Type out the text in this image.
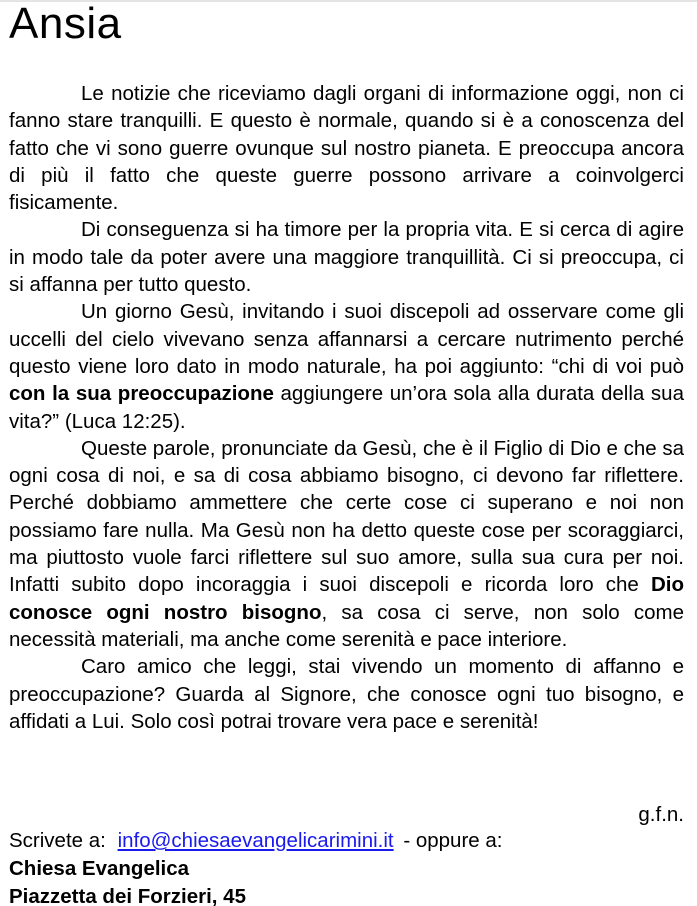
Ansia

Le notizie che riceviamo dagli organi di informazione oggi, non ci fanno stare tranquilli. E questo è normale, quando si è a conoscenza del fatto che vi sono guerre ovunque sul nostro pianeta. E preoccupa ancora di più il fatto che queste guerre possono arrivare a coinvolgerci fisicamente.

Di conseguenza si ha timore per la propria vita. E si cerca di agire in modo tale da poter avere una maggiore tranquillità. Ci si preoccupa, ci si affanna per tutto questo.

Un giorno Gesù, invitando i suoi discepoli ad osservare come gli uccelli del cielo vivevano senza affannarsi a cercare nutrimento perché questo viene loro dato in modo naturale, ha poi aggiunto: “chi di voi può con la sua preoccupazione aggiungere un’ora sola alla durata della sua vita?” (Luca 12:25).

Queste parole, pronunciate da Gesù, che è il Figlio di Dio e che sa ogni cosa di noi, e sa di cosa abbiamo bisogno, ci devono far riflettere. Perché dobbiamo ammettere che certe cose ci superano e noi non possiamo fare nulla. Ma Gesù non ha detto queste cose per scoraggiarci, ma piuttosto vuole farci riflettere sul suo amore, sulla sua cura per noi. Infatti subito dopo incoraggia i suoi discepoli e ricorda loro che Dio conosce ogni nostro bisogno, sa cosa ci serve, non solo come necessità materiali, ma anche come serenità e pace interiore.

Caro amico che leggi, stai vivendo un momento di affanno e preoccupazione? Guarda al Signore, che conosce ogni tuo bisogno, e affidati a Lui. Solo così potrai trovare vera pace e serenità!

g.f.n.
Scrivete a: info@chiesaevangelicarimini.it - oppure a:
Chiesa Evangelica
Piazzetta dei Forzieri, 45
